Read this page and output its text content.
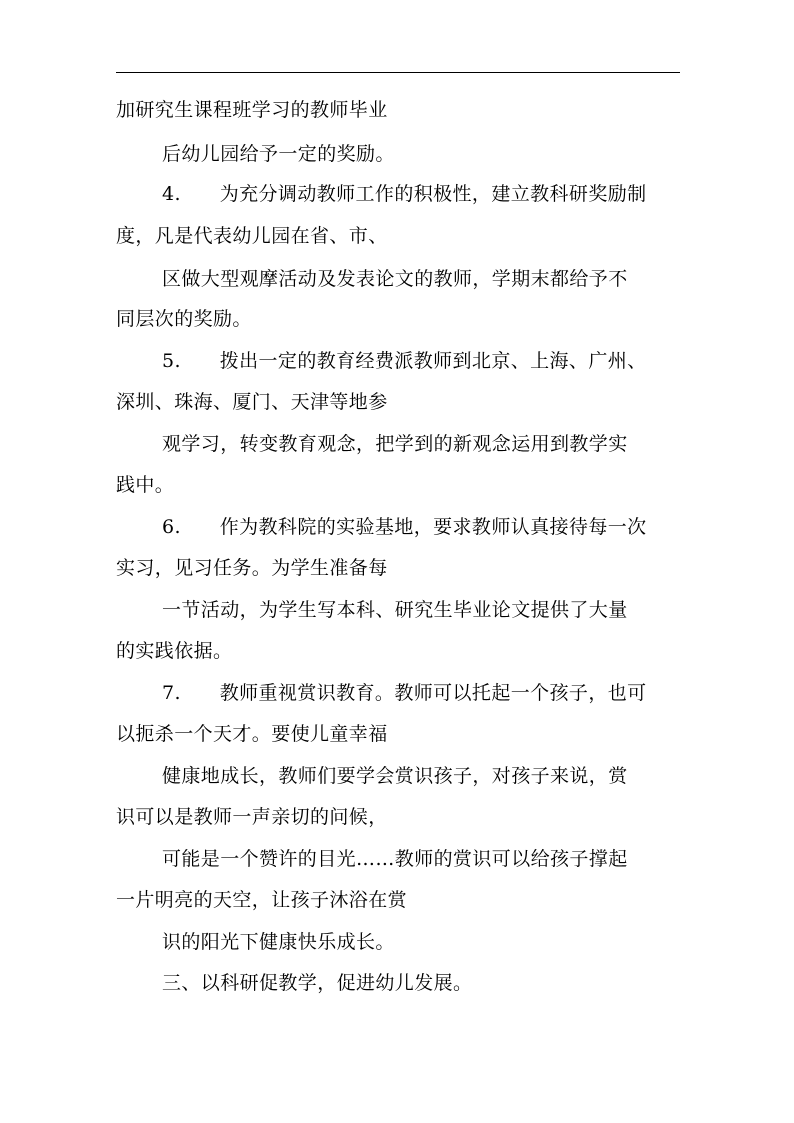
加研究生课程班学习的教师毕业
后幼儿园给予一定的奖励。
4.　　为充分调动教师工作的积极性，建立教科研奖励制
度，凡是代表幼儿园在省、市、
区做大型观摩活动及发表论文的教师，学期末都给予不
同层次的奖励。
5.　　拨出一定的教育经费派教师到北京、上海、广州、
深圳、珠海、厦门、天津等地参
观学习，转变教育观念，把学到的新观念运用到教学实
践中。
6.　　作为教科院的实验基地，要求教师认真接待每一次
实习，见习任务。为学生准备每
一节活动，为学生写本科、研究生毕业论文提供了大量
的实践依据。
7.　　教师重视赏识教育。教师可以托起一个孩子，也可
以扼杀一个天才。要使儿童幸福
健康地成长，教师们要学会赏识孩子，对孩子来说，赏
识可以是教师一声亲切的问候，
可能是一个赞许的目光……教师的赏识可以给孩子撑起
一片明亮的天空，让孩子沐浴在赏
识的阳光下健康快乐成长。
三、以科研促教学，促进幼儿发展。
